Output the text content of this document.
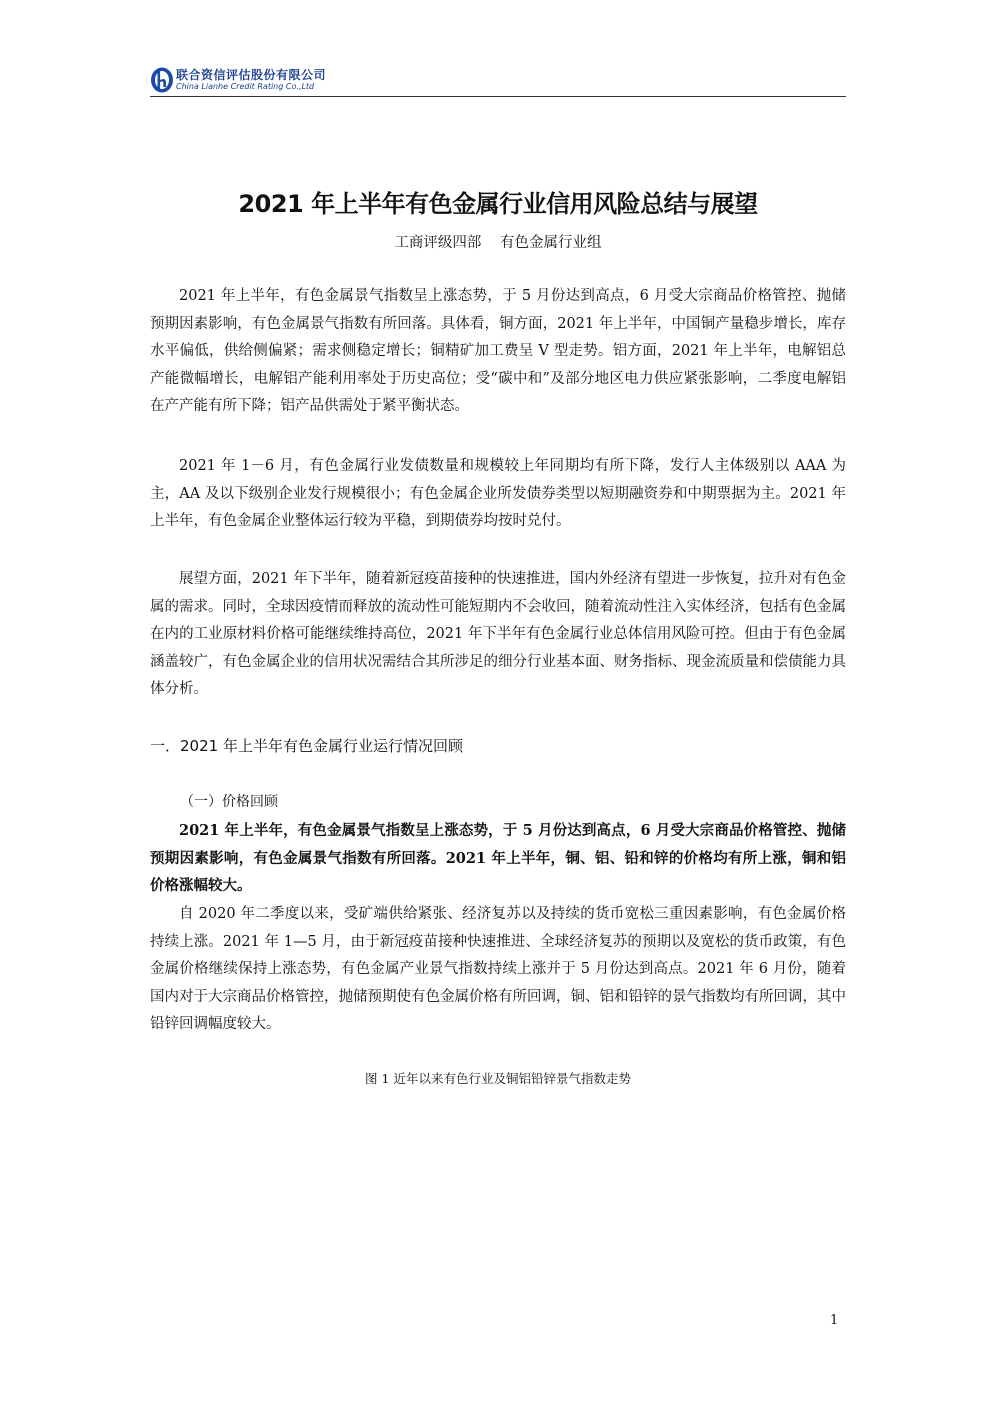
联合资信评估股份有限公司
China Lianhe Credit Rating Co.,Ltd
2021 年上半年有色金属行业信用风险总结与展望
工商评级四部 有色金属行业组

2021 年上半年，有色金属景气指数呈上涨态势，于 5 月份达到高点，6 月受大宗商品价格管控、抛储预期因素影响，有色金属景气指数有所回落。具体看，铜方面，2021 年上半年，中国铜产量稳步增长，库存水平偏低，供给侧偏紧；需求侧稳定增长；铜精矿加工费呈 V 型走势。铝方面，2021 年上半年，电解铝总产能微幅增长，电解铝产能利用率处于历史高位；受“碳中和”及部分地区电力供应紧张影响，二季度电解铝在产产能有所下降；铝产品供需处于紧平衡状态。

2021 年 1－6 月，有色金属行业发债数量和规模较上年同期均有所下降，发行人主体级别以 AAA 为主，AA 及以下级别企业发行规模很小；有色金属企业所发债券类型以短期融资券和中期票据为主。2021 年上半年，有色金属企业整体运行较为平稳，到期债券均按时兑付。

展望方面，2021 年下半年，随着新冠疫苗接种的快速推进，国内外经济有望进一步恢复，拉升对有色金属的需求。同时，全球因疫情而释放的流动性可能短期内不会收回，随着流动性注入实体经济，包括有色金属在内的工业原材料价格可能继续维持高位，2021 年下半年有色金属行业总体信用风险可控。但由于有色金属涵盖较广，有色金属企业的信用状况需结合其所涉足的细分行业基本面、财务指标、现金流质量和偿债能力具体分析。

一．2021 年上半年有色金属行业运行情况回顾
（一）价格回顾

2021 年上半年，有色金属景气指数呈上涨态势，于 5 月份达到高点，6 月受大宗商品价格管控、抛储预期因素影响，有色金属景气指数有所回落。2021 年上半年，铜、铝、铅和锌的价格均有所上涨，铜和铝价格涨幅较大。

自 2020 年二季度以来，受矿端供给紧张、经济复苏以及持续的货币宽松三重因素影响，有色金属价格持续上涨。2021 年 1—5 月，由于新冠疫苗接种快速推进、全球经济复苏的预期以及宽松的货币政策，有色金属价格继续保持上涨态势，有色金属产业景气指数持续上涨并于 5 月份达到高点。2021 年 6 月份，随着国内对于大宗商品价格管控，抛储预期使有色金属价格有所回调，铜、铝和铅锌的景气指数均有所回调，其中铅锌回调幅度较大。

图 1 近年以来有色行业及铜铝铅锌景气指数走势
1
